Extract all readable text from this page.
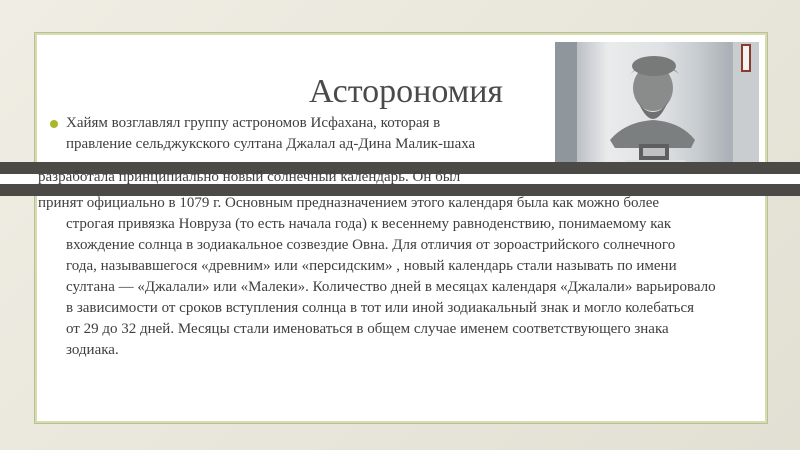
Асторономия
Хайям возглавлял группу астрономов Исфахана, которая в
правление сельджукского султана Джалал ад-Дина Малик-шаха
разработала принципиально новый солнечный календарь. Он был
принят официально в 1079 г. Основным предназначением этого календаря была как можно более
строгая привязка Новруза (то есть начала года) к весеннему равноденствию, понимаемому как
вхождение солнца в зодиакальное созвездие Овна. Для отличия от зороастрийского солнечного
года, называвшегося «древним» или «персидским» , новый календарь стали называть по имени
султана — «Джалали» или «Малеки». Количество дней в месяцах календаря «Джалали» варьировало
в зависимости от сроков вступления солнца в тот или иной зодиакальный знак и могло колебаться
от 29 до 32 дней. Месяцы стали именоваться в общем случае именем соответствующего знака
зодиака.
